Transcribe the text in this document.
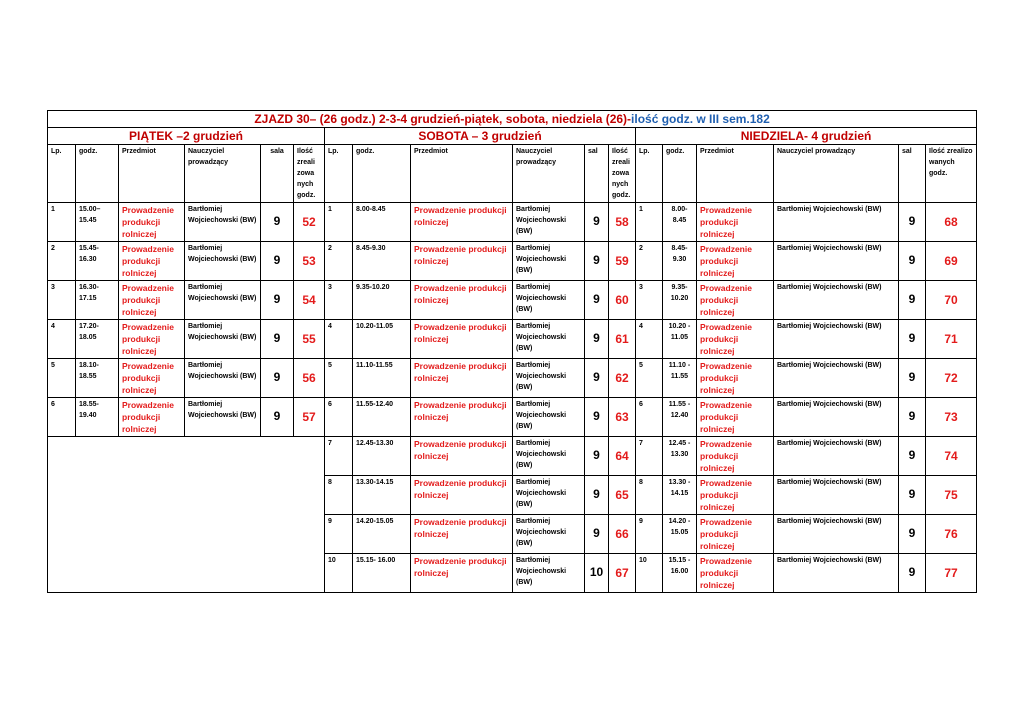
ZJAZD 30– (26 godz.) 2-3-4 grudzień-piątek, sobota, niedziela (26)-ilość godz. w III sem.182																	
PIĄTEK –2 grudzień						SOBOTA – 3 grudzień						NIEDZIELA- 4 grudzień					
Lp.	godz.	Przedmiot	Nauczyciel prowadzący	sala	Ilość zreali zowa nych godz.	Lp.	godz.	Przedmiot	Nauczyciel prowadzący	sal	Ilość zreali zowa nych godz.	Lp.	godz.	Przedmiot	Nauczyciel prowadzący	sal	Ilość zrealizo wanych godz.
1	15.00– 15.45	Prowadzenie produkcji rolniczej	Bartłomiej Wojciechowski (BW)	9	52	1	8.00-8.45	Prowadzenie produkcji rolniczej	Bartłomiej Wojciechowski (BW)	9	58	1	8.00- 8.45	Prowadzenie produkcji rolniczej	Bartłomiej Wojciechowski (BW)	9	68
2	15.45- 16.30	Prowadzenie produkcji rolniczej	Bartłomiej Wojciechowski (BW)	9	53	2	8.45-9.30	Prowadzenie produkcji rolniczej	Bartłomiej Wojciechowski (BW)	9	59	2	8.45- 9.30	Prowadzenie produkcji rolniczej	Bartłomiej Wojciechowski (BW)	9	69
3	16.30- 17.15	Prowadzenie produkcji rolniczej	Bartłomiej Wojciechowski (BW)	9	54	3	9.35-10.20	Prowadzenie produkcji rolniczej	Bartłomiej Wojciechowski (BW)	9	60	3	9.35- 10.20	Prowadzenie produkcji rolniczej	Bartłomiej Wojciechowski (BW)	9	70
4	17.20- 18.05	Prowadzenie produkcji rolniczej	Bartłomiej Wojciechowski (BW)	9	55	4	10.20-11.05	Prowadzenie produkcji rolniczej	Bartłomiej Wojciechowski (BW)	9	61	4	10.20 - 11.05	Prowadzenie produkcji rolniczej	Bartłomiej Wojciechowski (BW)	9	71
5	18.10- 18.55	Prowadzenie produkcji rolniczej	Bartłomiej Wojciechowski (BW)	9	56	5	11.10-11.55	Prowadzenie produkcji rolniczej	Bartłomiej Wojciechowski (BW)	9	62	5	11.10 - 11.55	Prowadzenie produkcji rolniczej	Bartłomiej Wojciechowski (BW)	9	72
6	18.55- 19.40	Prowadzenie produkcji rolniczej	Bartłomiej Wojciechowski (BW)	9	57	6	11.55-12.40	Prowadzenie produkcji rolniczej	Bartłomiej Wojciechowski (BW)	9	63	6	11.55 - 12.40	Prowadzenie produkcji rolniczej	Bartłomiej Wojciechowski (BW)	9	73
						7	12.45-13.30	Prowadzenie produkcji rolniczej	Bartłomiej Wojciechowski (BW)	9	64	7	12.45 - 13.30	Prowadzenie produkcji rolniczej	Bartłomiej Wojciechowski (BW)	9	74
						8	13.30-14.15	Prowadzenie produkcji rolniczej	Bartłomiej Wojciechowski (BW)	9	65	8	13.30 - 14.15	Prowadzenie produkcji rolniczej	Bartłomiej Wojciechowski (BW)	9	75
						9	14.20-15.05	Prowadzenie produkcji rolniczej	Bartłomiej Wojciechowski (BW)	9	66	9	14.20 - 15.05	Prowadzenie produkcji rolniczej	Bartłomiej Wojciechowski (BW)	9	76
						10	15.15- 16.00	Prowadzenie produkcji rolniczej	Bartłomiej Wojciechowski (BW)	10	67	10	15.15 - 16.00	Prowadzenie produkcji rolniczej	Bartłomiej Wojciechowski (BW)	9	77
